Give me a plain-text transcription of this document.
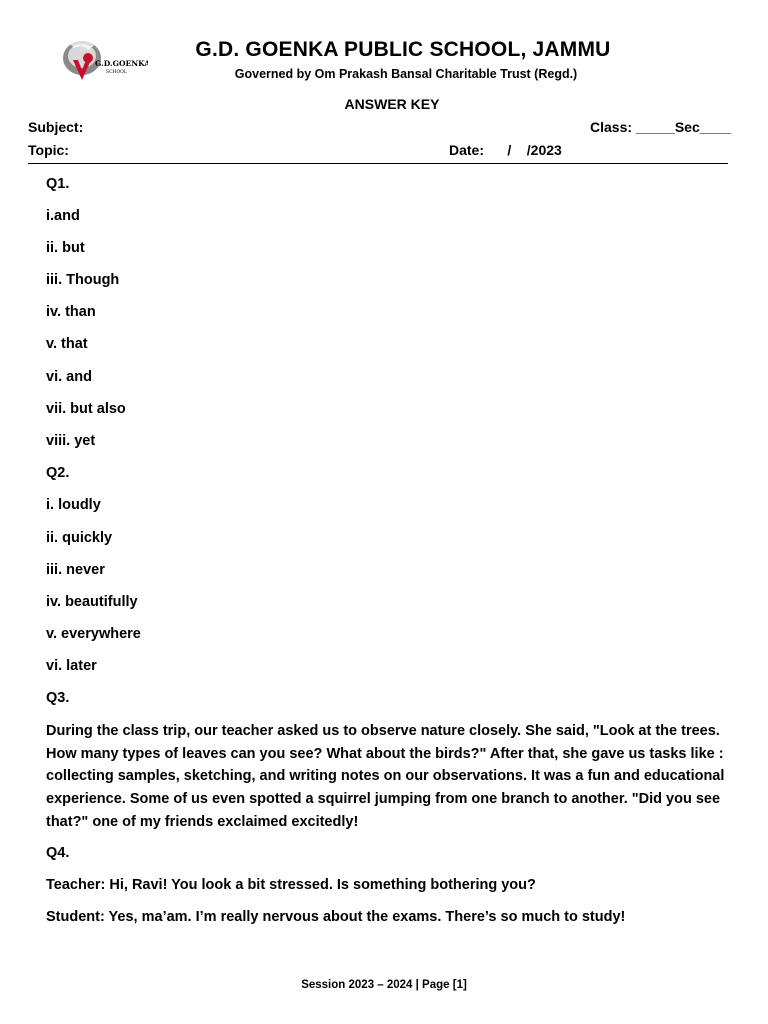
G.D.GOENKA
SCHOOL
G.D. GOENKA PUBLIC SCHOOL, JAMMU
Governed by Om Prakash Bansal Charitable Trust (Regd.)
ANSWER KEY
Subject:	Class: _____Sec____
Topic:	Date:      /    /2023
Q1.
i.and
ii. but
iii. Though
iv. than
v. that
vi. and
vii. but also
viii. yet
Q2.
i. loudly
ii. quickly
iii. never
iv. beautifully
v. everywhere
vi. later
Q3.
During the class trip, our teacher asked us to observe nature closely. She said, "Look at the trees. How many types of leaves can you see? What about the birds?" After that, she gave us tasks like : collecting samples, sketching, and writing notes on our observations. It was a fun and educational experience. Some of us even spotted a squirrel jumping from one branch to another. "Did you see that?" one of my friends exclaimed excitedly!
Q4.
Teacher: Hi, Ravi! You look a bit stressed. Is something bothering you?
Student: Yes, ma’am. I’m really nervous about the exams. There’s so much to study!
Session 2023 – 2024 | Page [1]
